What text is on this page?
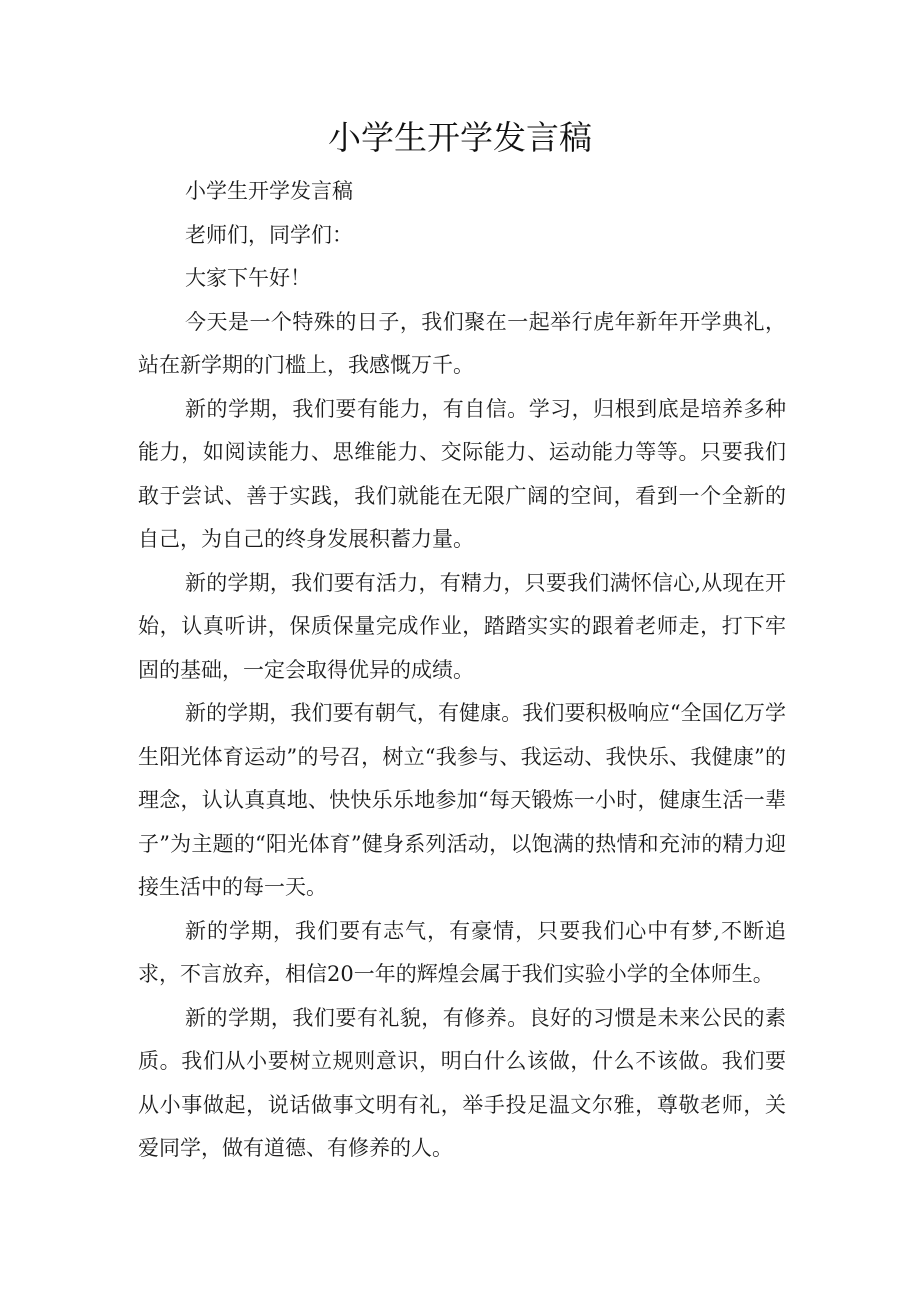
小学生开学发言稿

小学生开学发言稿

老师们，同学们：

大家下午好！

今天是一个特殊的日子，我们聚在一起举行虎年新年开学典礼，站在新学期的门槛上，我感慨万千。

新的学期，我们要有能力，有自信。学习，归根到底是培养多种能力，如阅读能力、思维能力、交际能力、运动能力等等。只要我们敢于尝试、善于实践，我们就能在无限广阔的空间，看到一个全新的自己，为自己的终身发展积蓄力量。

新的学期，我们要有活力，有精力，只要我们满怀信心,从现在开始，认真听讲，保质保量完成作业，踏踏实实的跟着老师走，打下牢固的基础，一定会取得优异的成绩。

新的学期，我们要有朝气，有健康。我们要积极响应“全国亿万学生阳光体育运动”的号召，树立“我参与、我运动、我快乐、我健康”的理念，认认真真地、快快乐乐地参加“每天锻炼一小时，健康生活一辈子”为主题的“阳光体育”健身系列活动，以饱满的热情和充沛的精力迎接生活中的每一天。

新的学期，我们要有志气，有豪情，只要我们心中有梦,不断追求，不言放弃，相信20一年的辉煌会属于我们实验小学的全体师生。

新的学期，我们要有礼貌，有修养。良好的习惯是未来公民的素质。我们从小要树立规则意识，明白什么该做，什么不该做。我们要从小事做起，说话做事文明有礼，举手投足温文尔雅，尊敬老师，关爱同学，做有道德、有修养的人。
